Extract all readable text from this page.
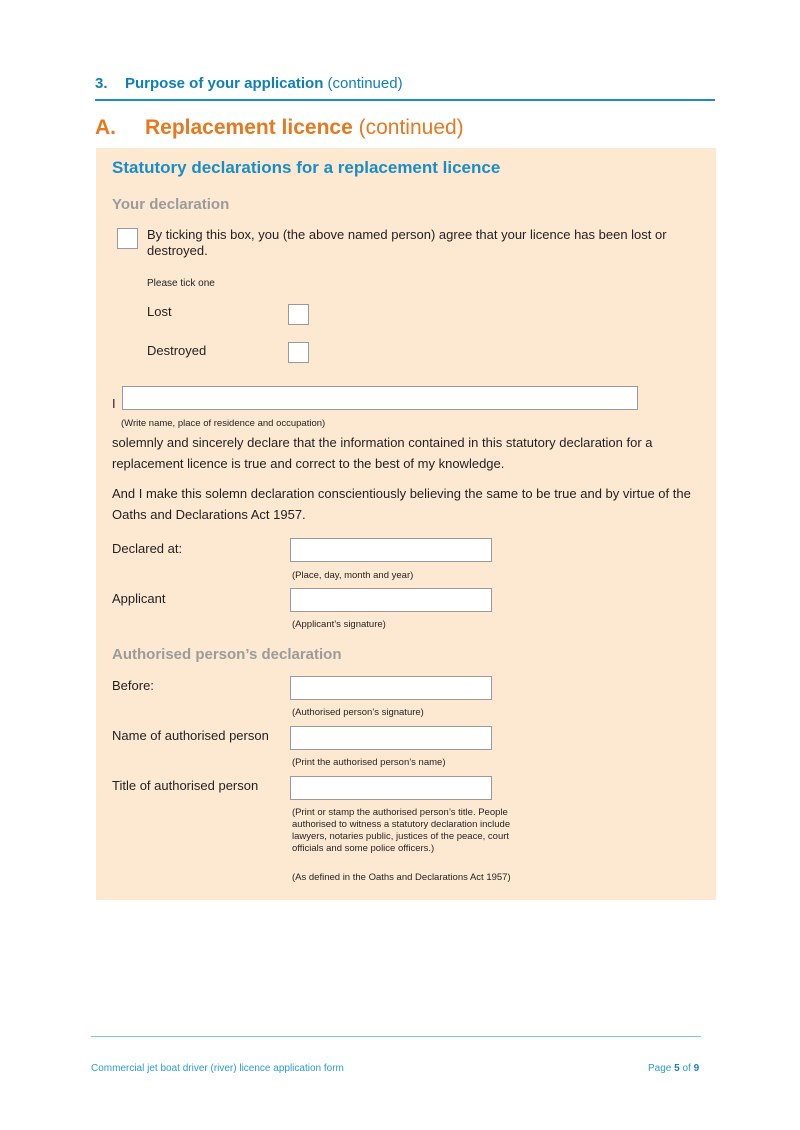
3. Purpose of your application (continued)
A. Replacement licence (continued)
Statutory declarations for a replacement licence
Your declaration
By ticking this box, you (the above named person) agree that your licence has been lost or destroyed.
Please tick one
Lost
Destroyed
I
(Write name, place of residence and occupation)
solemnly and sincerely declare that the information contained in this statutory declaration for a replacement licence is true and correct to the best of my knowledge.
And I make this solemn declaration conscientiously believing the same to be true and by virtue of the Oaths and Declarations Act 1957.
Declared at:
(Place, day, month and year)
Applicant
(Applicant’s signature)
Authorised person’s declaration
Before:
(Authorised person’s signature)
Name of authorised person
(Print the authorised person’s name)
Title of authorised person
(Print or stamp the authorised person’s title. People authorised to witness a statutory declaration include lawyers, notaries public, justices of the peace, court officials and some police officers.)
(As defined in the Oaths and Declarations Act 1957)
Commercial jet boat driver (river) licence application form	Page 5 of 9
